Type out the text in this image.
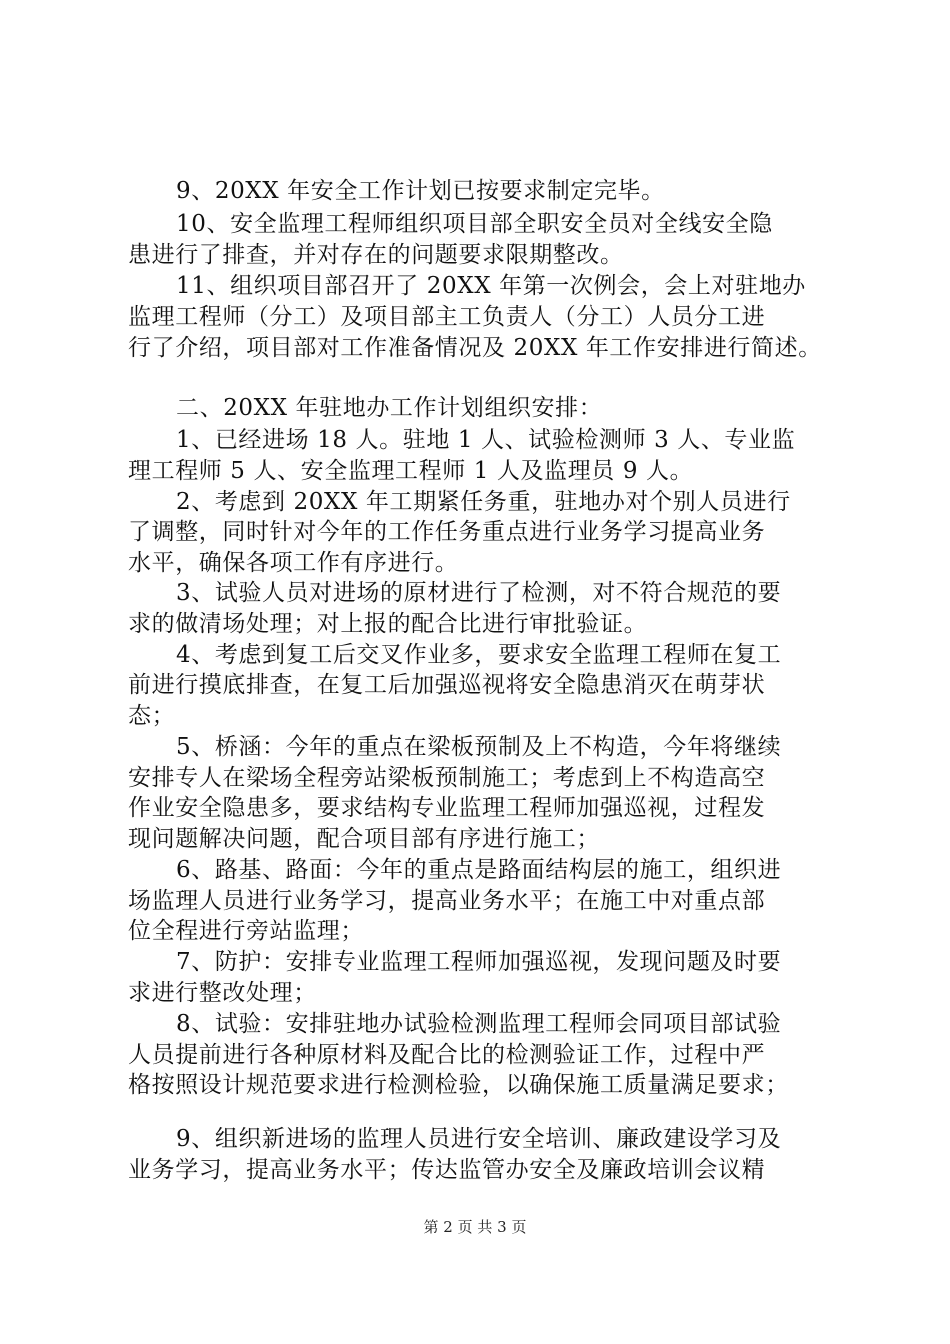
9、20XX 年安全工作计划已按要求制定完毕。
10、安全监理工程师组织项目部全职安全员对全线安全隐
患进行了排查，并对存在的问题要求限期整改。
11、组织项目部召开了 20XX 年第一次例会，会上对驻地办
监理工程师（分工）及项目部主工负责人（分工）人员分工进
行了介绍，项目部对工作准备情况及 20XX 年工作安排进行简述。
二、20XX 年驻地办工作计划组织安排：
1、已经进场 18 人。驻地 1 人、试验检测师 3 人、专业监
理工程师 5 人、安全监理工程师 1 人及监理员 9 人。
2、考虑到 20XX 年工期紧任务重，驻地办对个别人员进行
了调整，同时针对今年的工作任务重点进行业务学习提高业务
水平，确保各项工作有序进行。
3、试验人员对进场的原材进行了检测，对不符合规范的要
求的做清场处理；对上报的配合比进行审批验证。
4、考虑到复工后交叉作业多，要求安全监理工程师在复工
前进行摸底排查，在复工后加强巡视将安全隐患消灭在萌芽状
态；
5、桥涵：今年的重点在梁板预制及上不构造，今年将继续
安排专人在梁场全程旁站梁板预制施工；考虑到上不构造高空
作业安全隐患多，要求结构专业监理工程师加强巡视，过程发
现问题解决问题，配合项目部有序进行施工；
6、路基、路面：今年的重点是路面结构层的施工，组织进
场监理人员进行业务学习，提高业务水平；在施工中对重点部
位全程进行旁站监理；
7、防护：安排专业监理工程师加强巡视，发现问题及时要
求进行整改处理；
8、试验：安排驻地办试验检测监理工程师会同项目部试验
人员提前进行各种原材料及配合比的检测验证工作，过程中严
格按照设计规范要求进行检测检验，以确保施工质量满足要求；
9、组织新进场的监理人员进行安全培训、廉政建设学习及
业务学习，提高业务水平；传达监管办安全及廉政培训会议精
第 2 页 共 3 页
